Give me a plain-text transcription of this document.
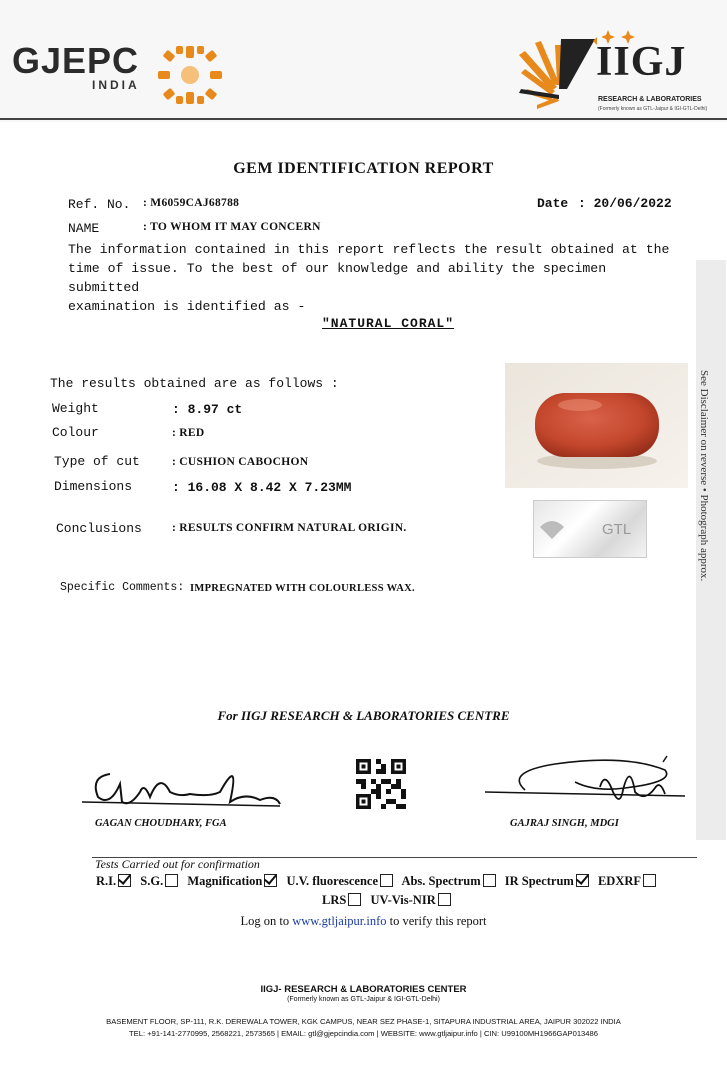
GJEPC
INDIA	IIGJ
RESEARCH & LABORATORIES
(Formerly known as GTL-Jaipur & IGI-GTL-Delhi)
See Disclaimer on reverse • Photograph approx.
GEM IDENTIFICATION REPORT
Ref. No. : M6059CAJ68788	Date : 20/06/2022
NAME	: TO WHOM IT MAY CONCERN
The information contained in this report reflects the result obtained at the
time of issue. To the best of our knowledge and ability the specimen submitted
examination is identified as -
"NATURAL CORAL"
The results obtained are as follows :
Weight	: 8.97 ct
Colour	: RED
Type of cut	: CUSHION CABOCHON
Dimensions	: 16.08 X 8.42 X 7.23MM
Conclusions	: RESULTS CONFIRM NATURAL ORIGIN.
Specific Comments: IMPREGNATED WITH COLOURLESS WAX.
GTL
For IIGJ RESEARCH & LABORATORIES CENTRE
GAGAN CHOUDHARY, FGA	GAJRAJ SINGH, MDGI
Tests Carried out for confirmation
R.I. S.G. Magnification U.V. fluorescence Abs. Spectrum IR Spectrum EDXRF
LRS UV-Vis-NIR
Log on to www.gtljaipur.info to verify this report
IIGJ- RESEARCH & LABORATORIES CENTER
(Formerly known as GTL-Jaipur & IGI-GTL-Delhi)
BASEMENT FLOOR, SP-111, R.K. DEREWALA TOWER, KGK CAMPUS, NEAR SEZ PHASE-1, SITAPURA INDUSTRIAL AREA, JAIPUR 302022 INDIA
TEL: +91-141-2770995, 2568221, 2573565 | EMAIL: gtl@gjepcindia.com | WEBSITE: www.gtljaipur.info | CIN: U99100MH1966GAP013486
